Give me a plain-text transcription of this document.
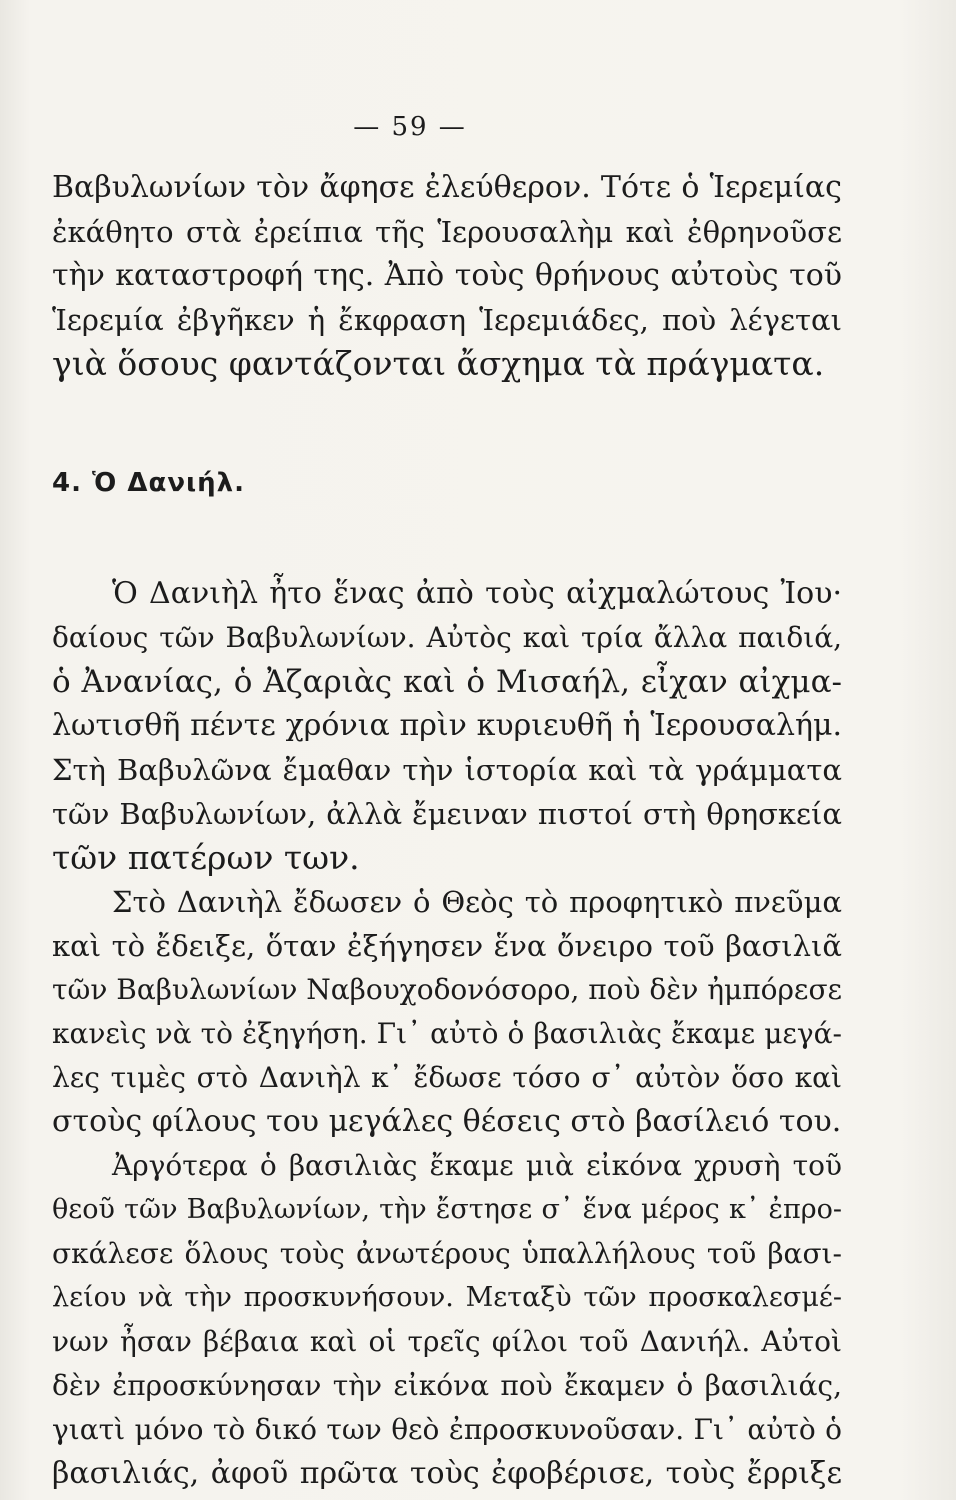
— 59 —
Βαβυλωνίων τὸν ἄφησε ἐλεύθερον. Τότε ὁ Ἱερεμίας
ἐκάθητο στὰ ἐρείπια τῆς Ἱερουσαλὴμ καὶ ἐθρηνοῦσε
τὴν καταστροφή της. Ἀπὸ τοὺς θρήνους αὐτοὺς τοῦ
Ἱερεμία ἐβγῆκεν ἡ ἔκφραση Ἱερεμιάδες, ποὺ λέγεται
γιὰ ὅσους φαντάζονται ἄσχημα τὰ πράγματα.
4. Ὁ Δανιήλ.
Ὁ Δανιὴλ ἦτο ἕνας ἀπὸ τοὺς αἰχμαλώτους Ἰου·
δαίους τῶν Βαβυλωνίων. Αὐτὸς καὶ τρία ἄλλα παιδιά,
ὁ Ἀνανίας, ὁ Ἀζαριὰς καὶ ὁ Μισαήλ, εἶχαν αἰχμα-
λωτισθῆ πέντε χρόνια πρὶν κυριευθῆ ἡ Ἱερουσαλήμ.
Στὴ Βαβυλῶνα ἔμαθαν τὴν ἱστορία καὶ τὰ γράμματα
τῶν Βαβυλωνίων, ἀλλὰ ἔμειναν πιστοί στὴ θρησκεία
τῶν πατέρων των.
Στὸ Δανιὴλ ἔδωσεν ὁ Θεὸς τὸ προφητικὸ πνεῦμα
καὶ τὸ ἔδειξε, ὅταν ἐξήγησεν ἕνα ὄνειρο τοῦ βασιλιᾶ
τῶν Βαβυλωνίων Ναβουχοδονόσορο, ποὺ δὲν ἠμπόρεσε
κανεὶς νὰ τὸ ἐξηγήση. Γι᾽ αὐτὸ ὁ βασιλιὰς ἔκαμε μεγά-
λες τιμὲς στὸ Δανιὴλ κ᾽ ἔδωσε τόσο σ᾽ αὐτὸν ὅσο καὶ
στοὺς φίλους του μεγάλες θέσεις στὸ βασίλειό του.
Ἀργότερα ὁ βασιλιὰς ἔκαμε μιὰ εἰκόνα χρυσὴ τοῦ
θεοῦ τῶν Βαβυλωνίων, τὴν ἔστησε σ᾽ ἕνα μέρος κ᾽ ἐπρο-
σκάλεσε ὅλους τοὺς ἀνωτέρους ὑπαλλήλους τοῦ βασι-
λείου νὰ τὴν προσκυνήσουν. Μεταξὺ τῶν προσκαλεσμέ-
νων ἦσαν βέβαια καὶ οἱ τρεῖς φίλοι τοῦ Δανιήλ. Αὐτοὶ
δὲν ἐπροσκύνησαν τὴν εἰκόνα ποὺ ἔκαμεν ὁ βασιλιάς,
γιατὶ μόνο τὸ δικό των θεὸ ἐπροσκυνοῦσαν. Γι᾽ αὐτὸ ὁ
βασιλιάς, ἀφοῦ πρῶτα τοὺς ἐφοβέρισε, τοὺς ἔρριξε
